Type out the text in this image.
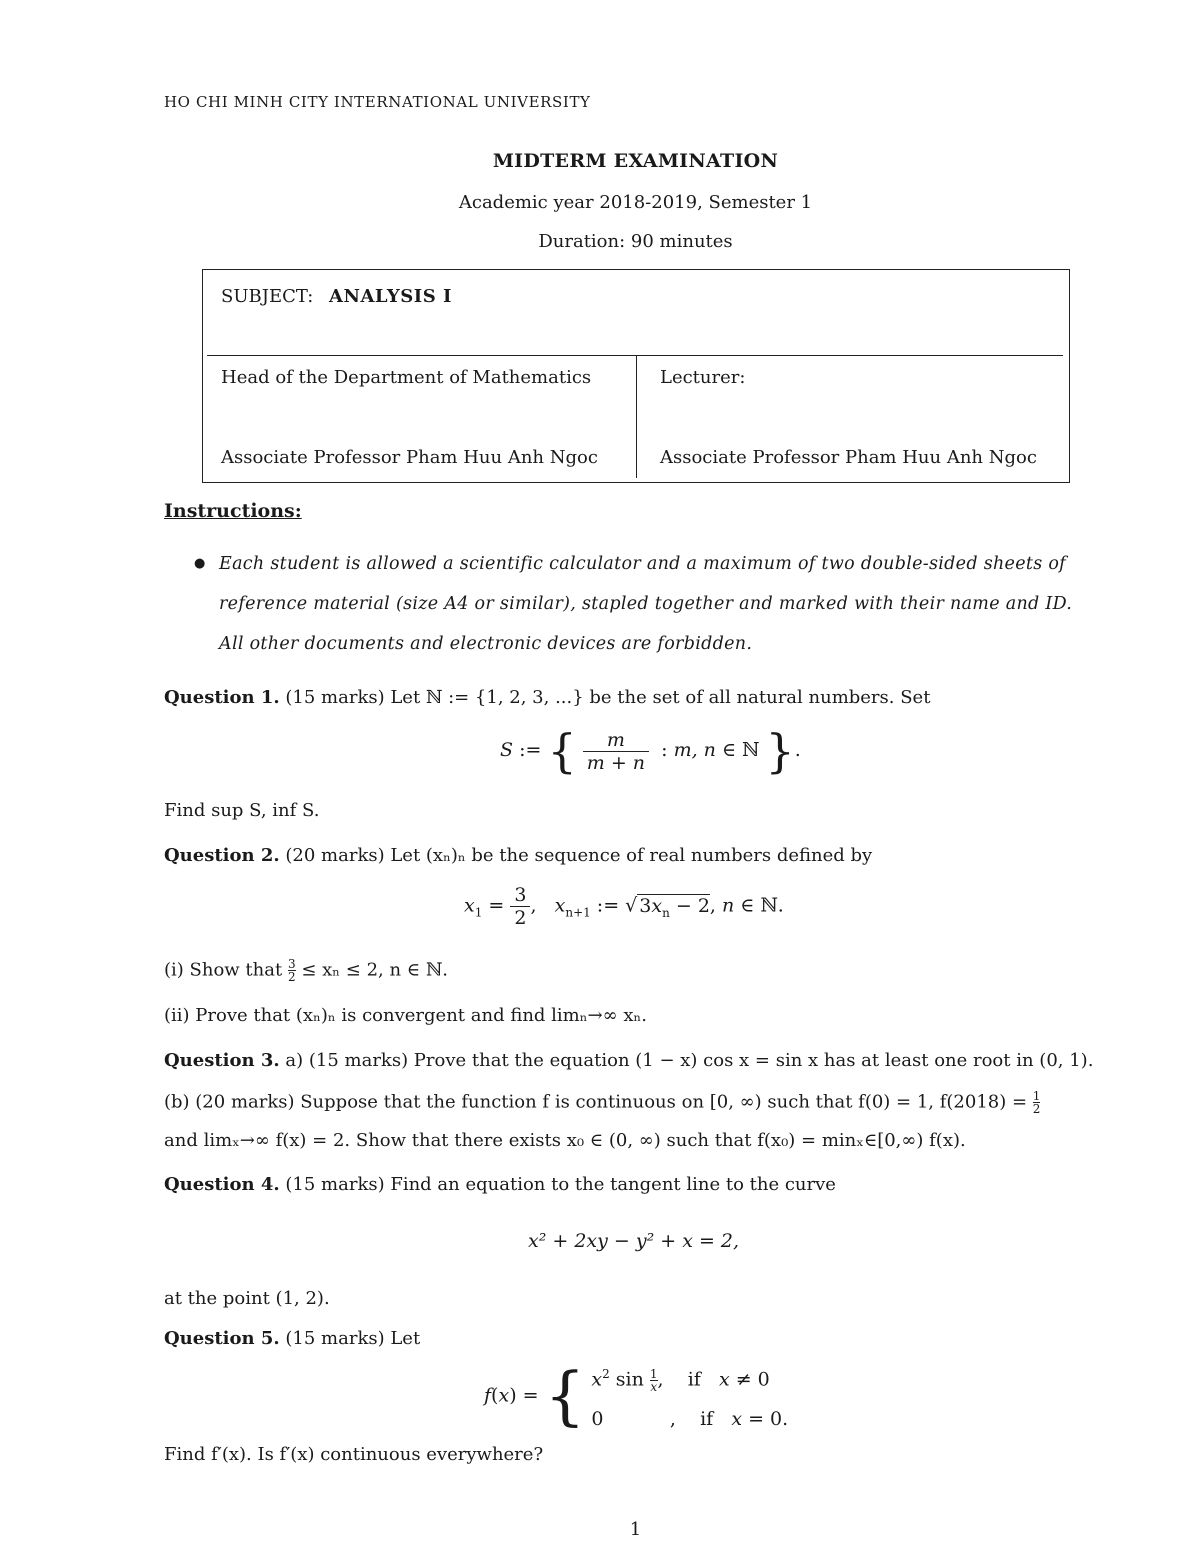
HO CHI MINH CITY INTERNATIONAL UNIVERSITY
MIDTERM EXAMINATION
Academic year 2018-2019, Semester 1
Duration: 90 minutes
SUBJECT: ANALYSIS I
Head of the Department of Mathematics
Associate Professor Pham Huu Anh Ngoc
Lecturer:
Associate Professor Pham Huu Anh Ngoc
Instructions:
● Each student is allowed a scientific calculator and a maximum of two double-sided sheets of
reference material (size A4 or similar), stapled together and marked with their name and ID.
All other documents and electronic devices are forbidden.
Question 1. (15 marks) Let ℕ := {1, 2, 3, ...} be the set of all natural numbers. Set
S := { $\frac{m}{m + n}$ : m, n ∈ ℕ }.
Find sup S, inf S.
Question 2. (20 marks) Let (xₙ)ₙ be the sequence of real numbers defined by
$x_1 = \frac{3}{2}$ ,   $x_{n+1}$ := √ $3x_n - 2$, n ∈ ℕ.
(i) Show that $\frac{3}{2} \le x_n \le 2$, n ∈ ℕ.
(ii) Prove that (xₙ)ₙ is convergent and find limₙ→∞ xₙ.
Question 3. a) (15 marks) Prove that the equation (1 − x) cos x = sin x has at least one root in (0, 1).
(b) (20 marks) Suppose that the function f is continuous on [0, ∞) such that f(0) = 1, $f(2018) = \frac{1}{2}$
and limₓ→∞ f(x) = 2. Show that there exists x₀ ∈ (0, ∞) such that f(x₀) = minₓ∈[0,∞) f(x).
Question 4. (15 marks) Find an equation to the tangent line to the curve
x² + 2xy − y² + x = 2,
at the point (1, 2).
Question 5. (15 marks) Let
f(x) = { $x^2$ $\sin \frac{1}{x}$ ,    if   x ≠ 0
0           ,    if   x = 0.
Find f′(x). Is f′(x) continuous everywhere?
1
